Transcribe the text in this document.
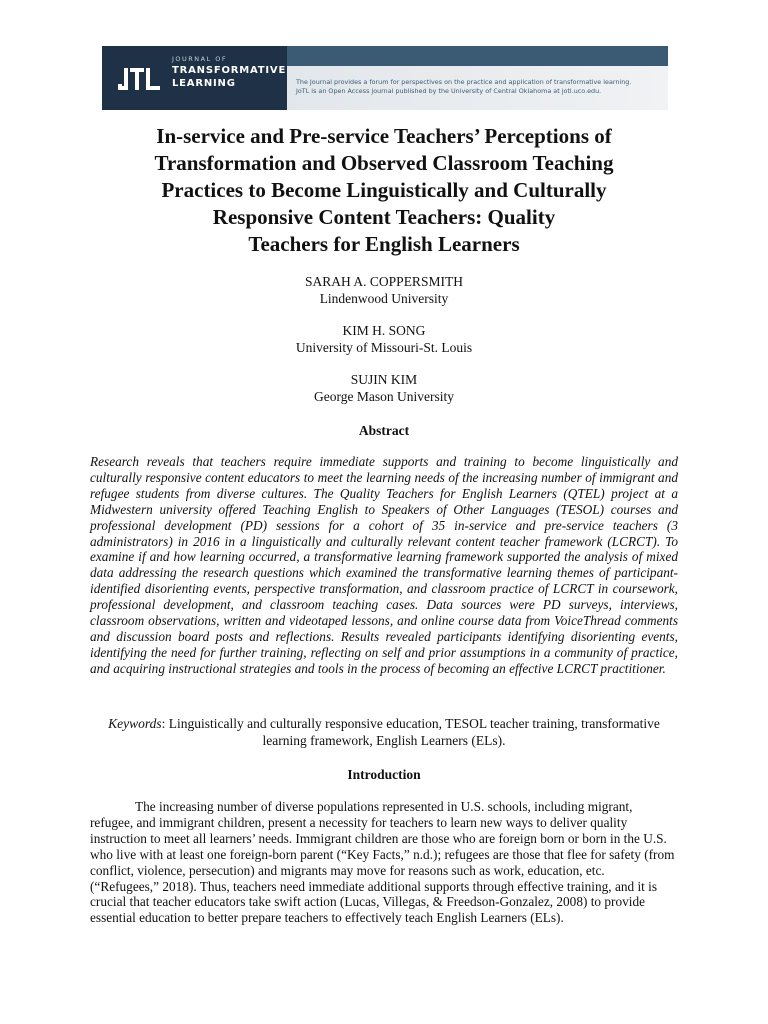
JOURNAL OF
TRANSFORMATIVE
LEARNING	The Journal provides a forum for perspectives on the practice and application of transformative learning.
JoTL is an Open Access journal published by the University of Central Oklahoma at jotl.uco.edu.
In-service and Pre-service Teachers’ Perceptions of
Transformation and Observed Classroom Teaching
Practices to Become Linguistically and Culturally
Responsive Content Teachers: Quality
Teachers for English Learners
SARAH A. COPPERSMITH
Lindenwood University
KIM H. SONG
University of Missouri-St. Louis
SUJIN KIM
George Mason University
Abstract
Research reveals that teachers require immediate supports and training to become linguistically and culturally responsive content educators to meet the learning needs of the increasing number of immigrant and refugee students from diverse cultures. The Quality Teachers for English Learners (QTEL) project at a Midwestern university offered Teaching English to Speakers of Other Languages (TESOL) courses and professional development (PD) sessions for a cohort of 35 in-service and pre-service teachers (3 administrators) in 2016 in a linguistically and culturally relevant content teacher framework (LCRCT). To examine if and how learning occurred, a transformative learning framework supported the analysis of mixed data addressing the research questions which examined the transformative learning themes of participant-identified disorienting events, perspective transformation, and classroom practice of LCRCT in coursework, professional development, and classroom teaching cases. Data sources were PD surveys, interviews, classroom observations, written and videotaped lessons, and online course data from VoiceThread comments and discussion board posts and reflections. Results revealed participants identifying disorienting events, identifying the need for further training, reflecting on self and prior assumptions in a community of practice, and acquiring instructional strategies and tools in the process of becoming an effective LCRCT practitioner.
Keywords: Linguistically and culturally responsive education, TESOL teacher training, transformative learning framework, English Learners (ELs).
Introduction
The increasing number of diverse populations represented in U.S. schools, including migrant, refugee, and immigrant children, present a necessity for teachers to learn new ways to deliver quality instruction to meet all learners’ needs. Immigrant children are those who are foreign born or born in the U.S. who live with at least one foreign-born parent (“Key Facts,” n.d.); refugees are those that flee for safety (from conflict, violence, persecution) and migrants may move for reasons such as work, education, etc. (“Refugees,” 2018). Thus, teachers need immediate additional supports through effective training, and it is crucial that teacher educators take swift action (Lucas, Villegas, & Freedson-Gonzalez, 2008) to provide essential education to better prepare teachers to effectively teach English Learners (ELs).
